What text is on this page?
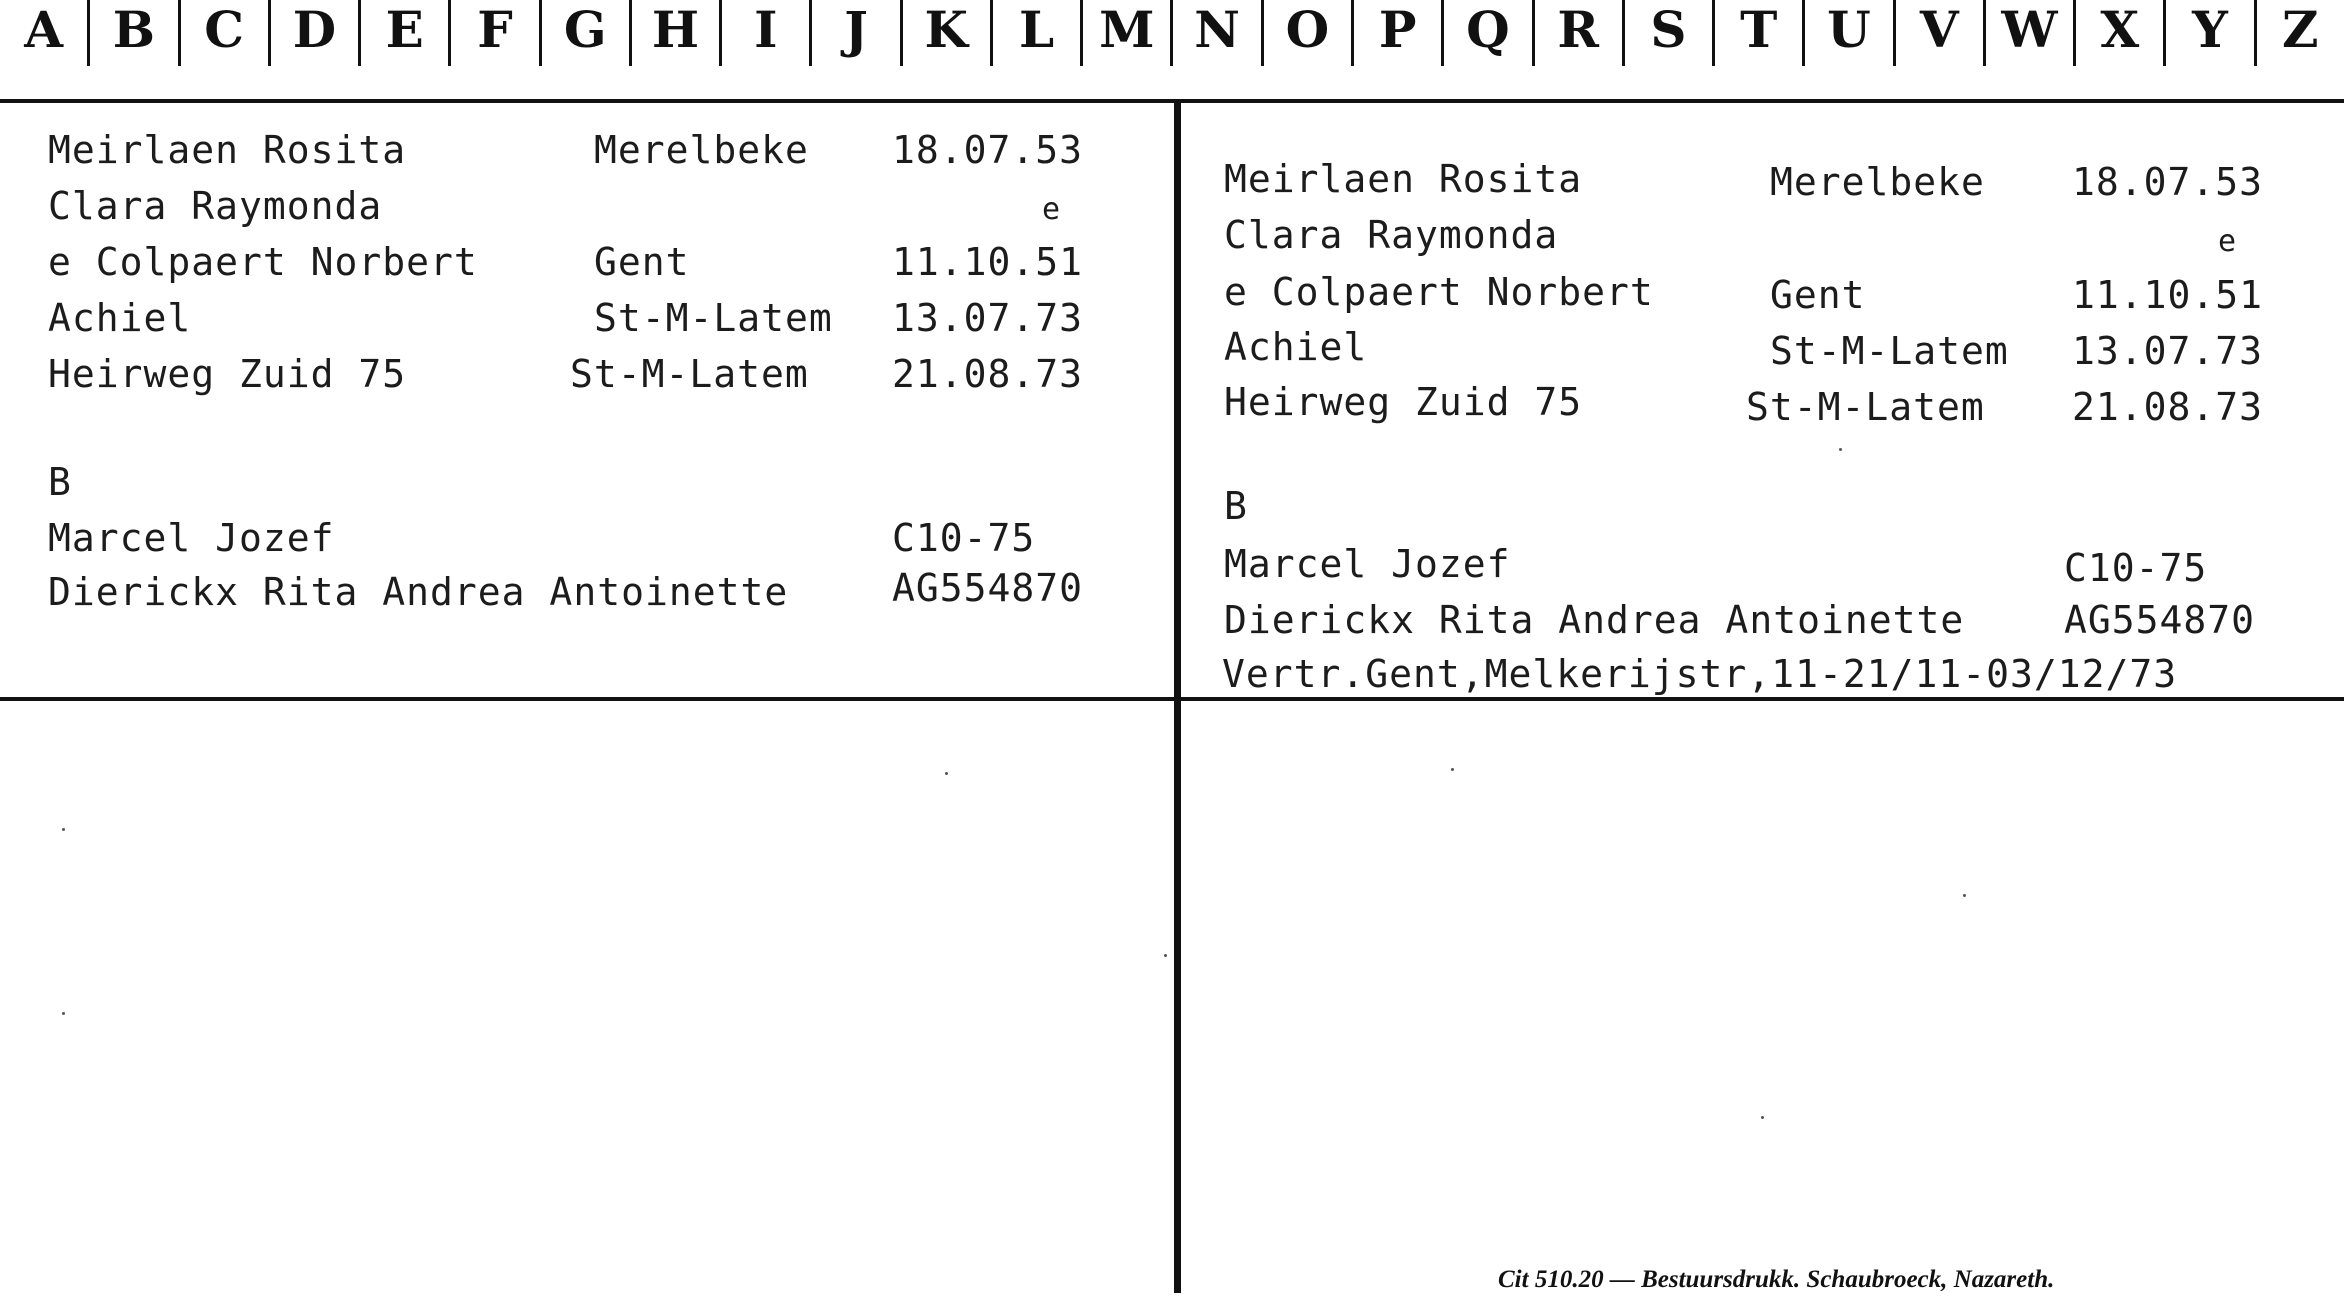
A B C D E	F	G H	I	J	K	L M N O P Q R	S	T U V W X	Y	Z
Meirlaen Rosita	Merelbeke 18.07.53
Clara Raymonda	e
e Colpaert Norbert	Gent	11.10.51
Achiel	St-M-Latem 13.07.73
Heirweg Zuid 75	St-M-Latem 21.08.73
B
Marcel Jozef	C10-75
Dierickx Rita Andrea Antoinette	AG554870
Meirlaen Rosita	Merelbeke 18.07.53
Clara Raymonda	e
e Colpaert Norbert	Gent	11.10.51
Achiel	St-M-Latem 13.07.73
Heirweg Zuid 75	St-M-Latem 21.08.73
B
Marcel Jozef	C10-75
Dierickx Rita Andrea Antoinette	AG554870
Vertr.Gent,Melkerijstr,11-21/11-03/12/73
Cit 510.20 — Bestuursdrukk. Schaubroeck, Nazareth.
